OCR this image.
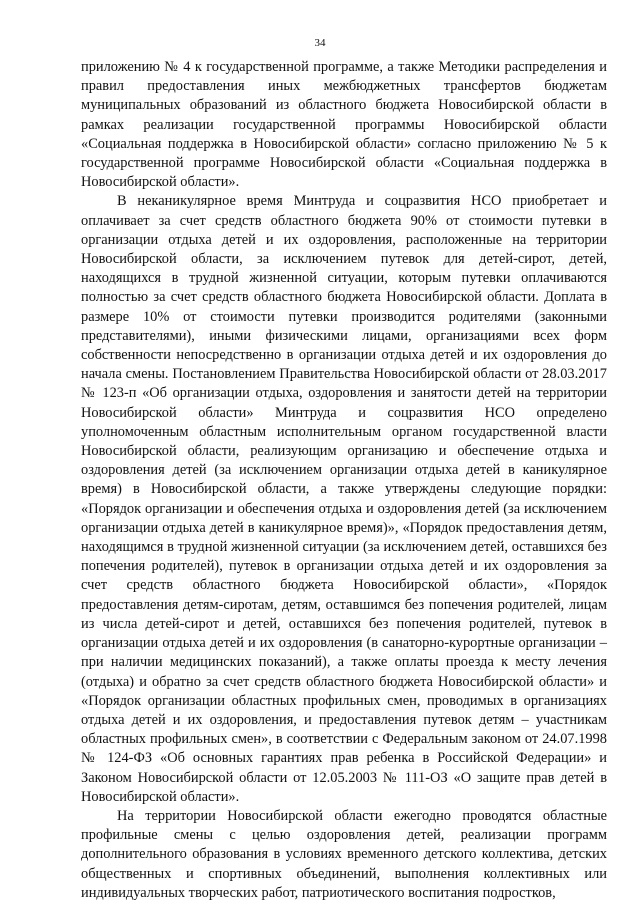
34

приложению № 4 к государственной программе, а также Методики распределения и правил предоставления иных межбюджетных трансфертов бюджетам муниципальных образований из областного бюджета Новосибирской области в рамках реализации государственной программы Новосибирской области «Социальная поддержка в Новосибирской области» согласно приложению № 5 к государственной программе Новосибирской области «Социальная поддержка в Новосибирской области».

В неканикулярное время Минтруда и соцразвития НСО приобретает и оплачивает за счет средств областного бюджета 90% от стоимости путевки в организации отдыха детей и их оздоровления, расположенные на территории Новосибирской области, за исключением путевок для детей-сирот, детей, находящихся в трудной жизненной ситуации, которым путевки оплачиваются полностью за счет средств областного бюджета Новосибирской области. Доплата в размере 10% от стоимости путевки производится родителями (законными представителями), иными физическими лицами, организациями всех форм собственности непосредственно в организации отдыха детей и их оздоровления до начала смены. Постановлением Правительства Новосибирской области от 28.03.2017 № 123-п «Об организации отдыха, оздоровления и занятости детей на территории Новосибирской области» Минтруда и соцразвития НСО определено уполномоченным областным исполнительным органом государственной власти Новосибирской области, реализующим организацию и обеспечение отдыха и оздоровления детей (за исключением организации отдыха детей в каникулярное время) в Новосибирской области, а также утверждены следующие порядки: «Порядок организации и обеспечения отдыха и оздоровления детей (за исключением организации отдыха детей в каникулярное время)», «Порядок предоставления детям, находящимся в трудной жизненной ситуации (за исключением детей, оставшихся без попечения родителей), путевок в организации отдыха детей и их оздоровления за счет средств областного бюджета Новосибирской области», «Порядок предоставления детям-сиротам, детям, оставшимся без попечения родителей, лицам из числа детей-сирот и детей, оставшихся без попечения родителей, путевок в организации отдыха детей и их оздоровления (в санаторно-курортные организации – при наличии медицинских показаний), а также оплаты проезда к месту лечения (отдыха) и обратно за счет средств областного бюджета Новосибирской области» и «Порядок организации областных профильных смен, проводимых в организациях отдыха детей и их оздоровления, и предоставления путевок детям – участникам областных профильных смен», в соответствии с Федеральным законом от 24.07.1998 № 124-ФЗ «Об основных гарантиях прав ребенка в Российской Федерации» и Законом Новосибирской области от 12.05.2003 № 111-ОЗ «О защите прав детей в Новосибирской области».

На территории Новосибирской области ежегодно проводятся областные профильные смены с целью оздоровления детей, реализации программ дополнительного образования в условиях временного детского коллектива, детских общественных и спортивных объединений, выполнения коллективных или индивидуальных творческих работ, патриотического воспитания подростков,
